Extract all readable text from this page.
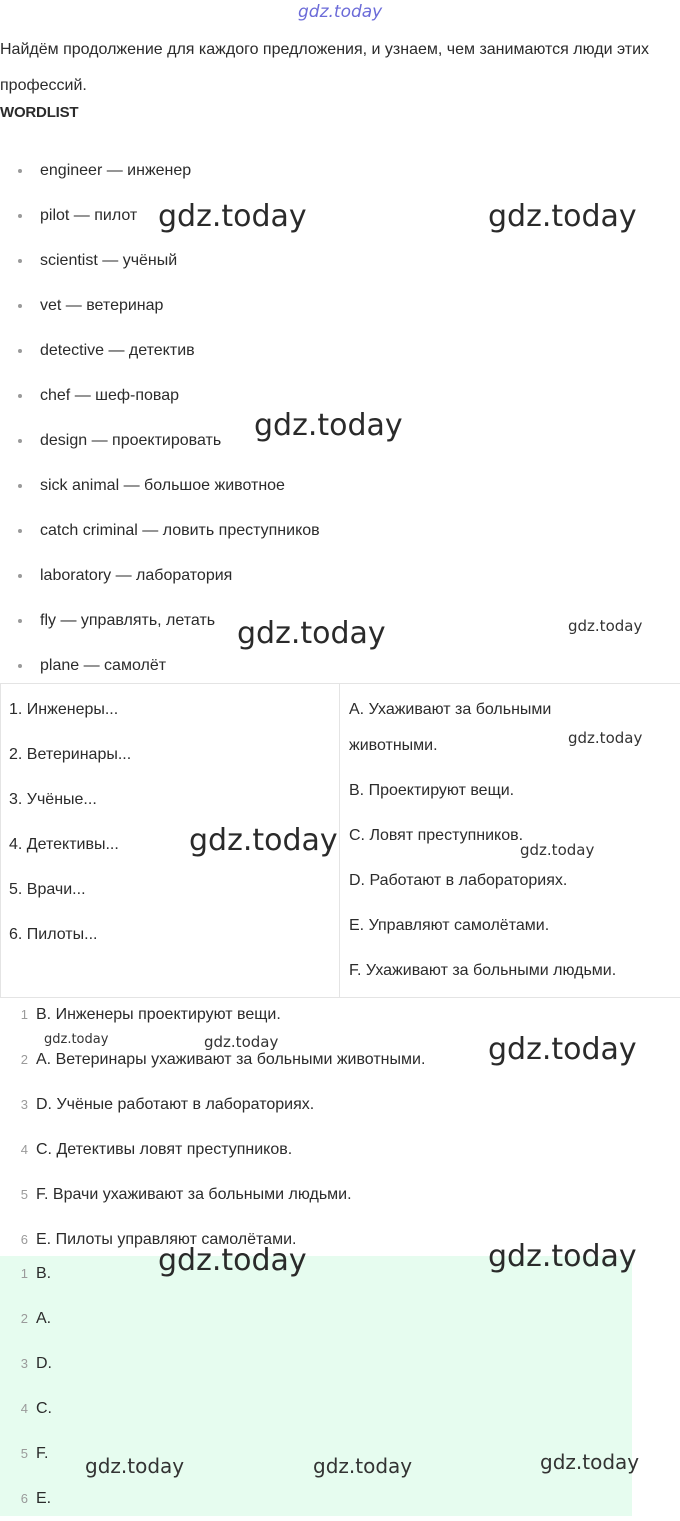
gdz.today
Найдём продолжение для каждого предложения, и узнаем, чем занимаются люди этих профессий.
WORDLIST
engineer — инженер
pilot — пилот
scientist — учёный
vet — ветеринар
detective — детектив
chef — шеф-повар
design — проектировать
sick animal — большое животное
catch criminal — ловить преступников
laboratory — лаборатория
fly — управлять, летать
plane — самолёт
1. Инженеры...
2. Ветеринары...
3. Учёные...
4. Детективы...
5. Врачи...
6. Пилоты...
A. Ухаживают за больными животными.
B. Проектируют вещи.
C. Ловят преступников.
D. Работают в лабораториях.
E. Управляют самолётами.
F. Ухаживают за больными людьми.
1 B. Инженеры проектируют вещи.
2 A. Ветеринары ухаживают за больными животными.
3 D. Учёные работают в лабораториях.
4 C. Детективы ловят преступников.
5 F. Врачи ухаживают за больными людьми.
6 E. Пилоты управляют самолётами.
1 B.
2 A.
3 D.
4 C.
5 F.
6 E.
gdz.today	gdz.today
gdz.today
gdz.today	gdz.today
gdz.today
gdz.today	gdz.today
gdz.today	gdz.today	gdz.today
gdz.today	gdz.today
gdz.today	gdz.today	gdz.today
